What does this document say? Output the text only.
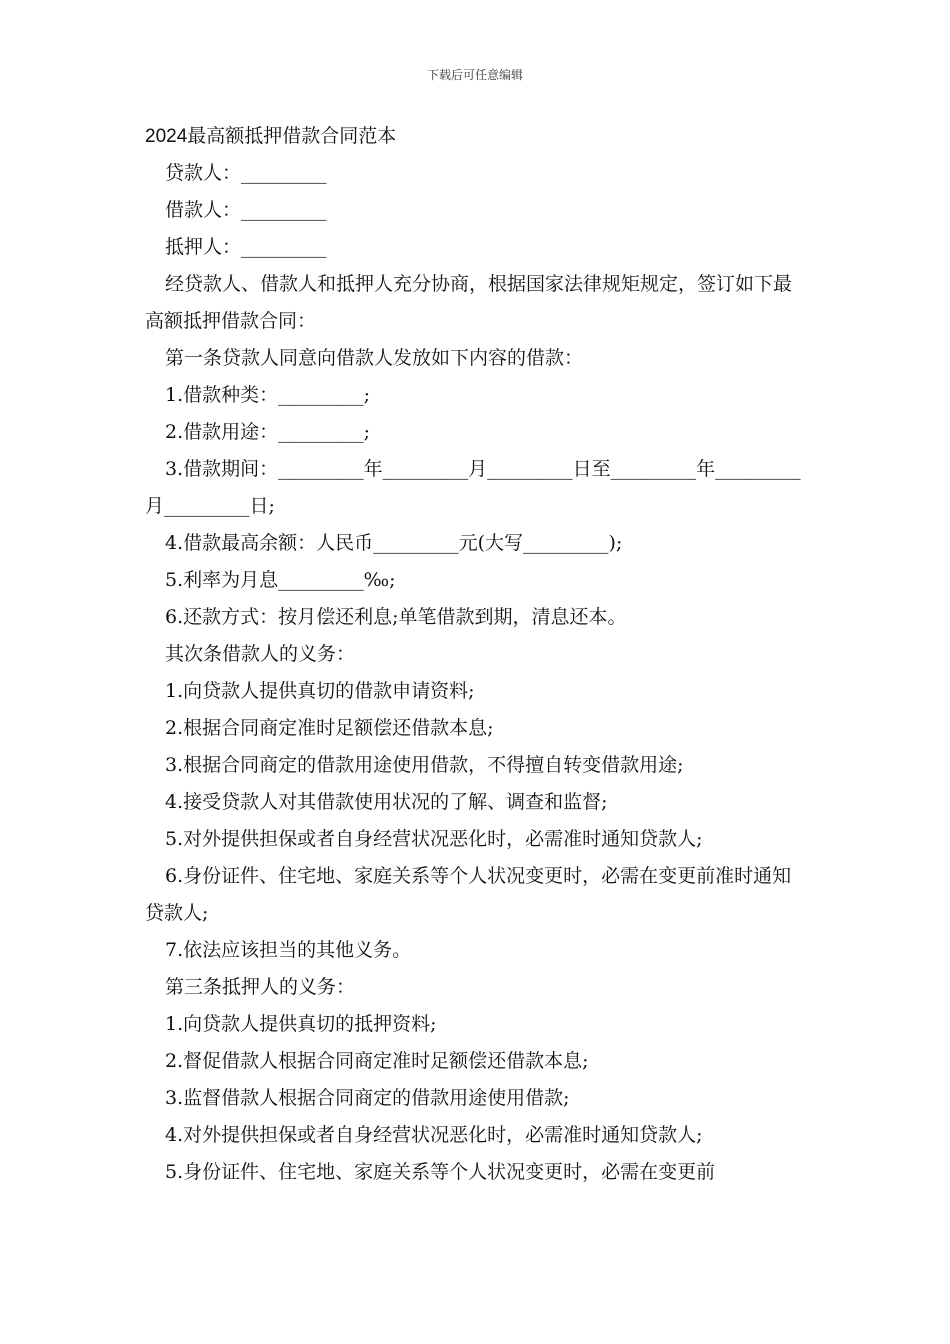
下载后可任意编辑

2024最高额抵押借款合同范本

贷款人：_________

借款人：_________

抵押人：_________

经贷款人、借款人和抵押人充分协商，根据国家法律规矩规定，签订如下最高额抵押借款合同：

第一条贷款人同意向借款人发放如下内容的借款：

1.借款种类：_________;

2.借款用途：_________;

3.借款期间：_________年_________月_________日至_________年_________月_________日;

4.借款最高余额：人民币_________元(大写_________);

5.利率为月息_________‰;

6.还款方式：按月偿还利息;单笔借款到期，清息还本。

其次条借款人的义务：

1.向贷款人提供真切的借款申请资料;

2.根据合同商定准时足额偿还借款本息;

3.根据合同商定的借款用途使用借款，不得擅自转变借款用途;

4.接受贷款人对其借款使用状况的了解、调查和监督;

5.对外提供担保或者自身经营状况恶化时，必需准时通知贷款人;

6.身份证件、住宅地、家庭关系等个人状况变更时，必需在变更前准时通知贷款人;

7.依法应该担当的其他义务。

第三条抵押人的义务：

1.向贷款人提供真切的抵押资料;

2.督促借款人根据合同商定准时足额偿还借款本息;

3.监督借款人根据合同商定的借款用途使用借款;

4.对外提供担保或者自身经营状况恶化时，必需准时通知贷款人;

5.身份证件、住宅地、家庭关系等个人状况变更时，必需在变更前
